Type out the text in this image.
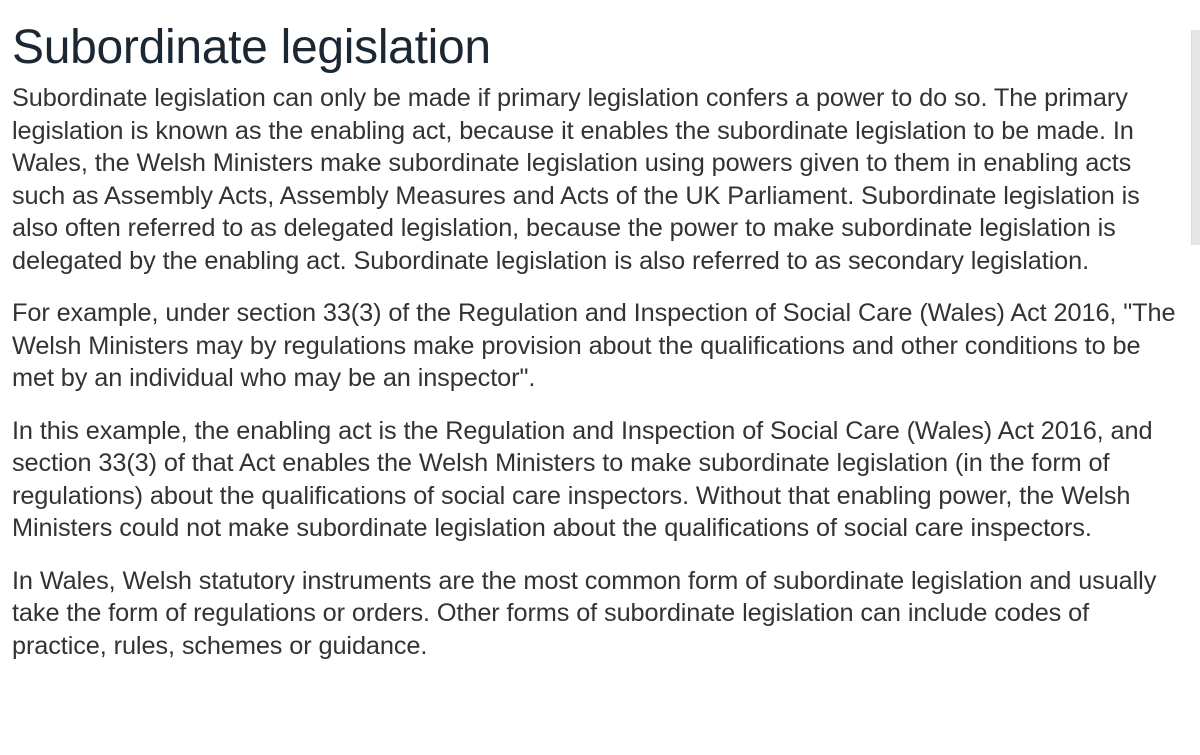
Subordinate legislation

Subordinate legislation can only be made if primary legislation confers a power to do so. The primary legislation is known as the enabling act, because it enables the subordinate legislation to be made. In Wales, the Welsh Ministers make subordinate legislation using powers given to them in enabling acts such as Assembly Acts, Assembly Measures and Acts of the UK Parliament. Subordinate legislation is also often referred to as delegated legislation, because the power to make subordinate legislation is delegated by the enabling act. Subordinate legislation is also referred to as secondary legislation.

For example, under section 33(3) of the Regulation and Inspection of Social Care (Wales) Act 2016, "The Welsh Ministers may by regulations make provision about the qualifications and other conditions to be met by an individual who may be an inspector".

In this example, the enabling act is the Regulation and Inspection of Social Care (Wales) Act 2016, and section 33(3) of that Act enables the Welsh Ministers to make subordinate legislation (in the form of regulations) about the qualifications of social care inspectors. Without that enabling power, the Welsh Ministers could not make subordinate legislation about the qualifications of social care inspectors.

In Wales, Welsh statutory instruments are the most common form of subordinate legislation and usually take the form of regulations or orders. Other forms of subordinate legislation can include codes of practice, rules, schemes or guidance.
